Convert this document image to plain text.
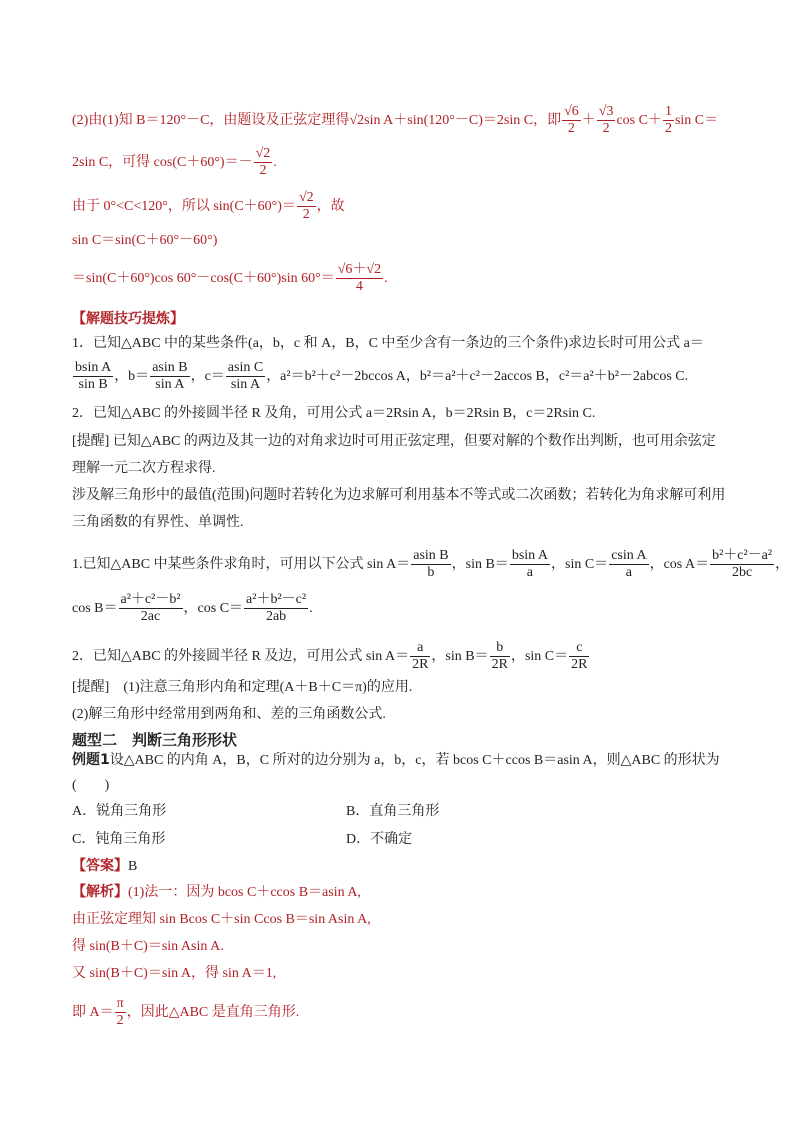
(2)由(1)知 B＝120°－C，由题设及正弦定理得√2sin A＋sin(120°－C)＝2sin C，即 $\frac{√6}{2} + \frac{√3}{2}$ $\cos C+ \frac{1}{2}$ sin C＝
2sin C，可得 $\cos(C+60^\circ)=- \frac{√2}{2}$ .
由于 0°<C<120°，所以 $\sin(C+60^\circ)= \frac{√2}{2}$ ，故
sin C＝sin(C＋60°－60°)
＝sin(C＋60°)cos 60°－cos(C＋60°)sin $60^\circ= \frac{√6+√2}{4}$ .
【解题技巧提炼】
1．已知△ABC 中的某些条件(a，b，c 和 A，B，C 中至少含有一条边的三个条件)求边长时可用公式 a＝
$\frac{\text{bsin A}}{\text{sin B}}$ ，$b= \frac{\text{asin B}}{\text{sin A}}$ ，$c= \frac{\text{asin C}}{\text{sin A}}$ ，a²＝b²＋c²－2bccos A，b²＝a²＋c²－2accos B，c²＝a²＋b²－2abcos C.
2．已知△ABC 的外接圆半径 R 及角，可用公式 a＝2Rsin A，b＝2Rsin B，c＝2Rsin C.
[提醒] 已知△ABC 的两边及其一边的对角求边时可用正弦定理，但要对解的个数作出判断，也可用余弦定
理解一元二次方程求得.
涉及解三角形中的最值(范围)问题时若转化为边求解可利用基本不等式或二次函数；若转化为角求解可利用
三角函数的有界性、单调性.
1.已知△ABC 中某些条件求角时，可用以下公式 $\sin A= \frac{\text{asin B}}{b}$ ，$\sin B= \frac{\text{bsin A}}{a}$ ，$\sin C= \frac{\text{csin A}}{a}$ ，$\cos A= \frac{\text{b²＋c²－a²}}{2bc}$ ，
$\cos B= \frac{\text{a²＋c²－b²}}{2ac}$ ，$\cos C= \frac{\text{a²＋b²－c²}}{2ab}$ .
2．已知△ABC 的外接圆半径 R 及边，可用公式 $\sin A= \frac{a}{2R}$ ，$\sin B= \frac{b}{2R}$ ，$\sin C= \frac{c}{2R}$
[提醒]　(1)注意三角形内角和定理(A＋B＋C＝π)的应用.
(2)解三角形中经常用到两角和、差的三角函数公式.
题型二　判断三角形形状
例题1设△ABC 的内角 A，B，C 所对的边分别为 a，b，c，若 bcos C＋ccos B＝asin A，则△ABC 的形状为
(　　)
A．锐角三角形	B．直角三角形
C．钝角三角形	D．不确定
【答案】B
【解析】(1)法一：因为 bcos C＋ccos B＝asin A,
由正弦定理知 sin Bcos C＋sin Ccos B＝sin Asin A,
得 sin(B＋C)＝sin Asin A.
又 sin(B＋C)＝sin A，得 sin A＝1,
即 $A= \frac{\pi}{2}$ ，因此△ABC 是直角三角形.
